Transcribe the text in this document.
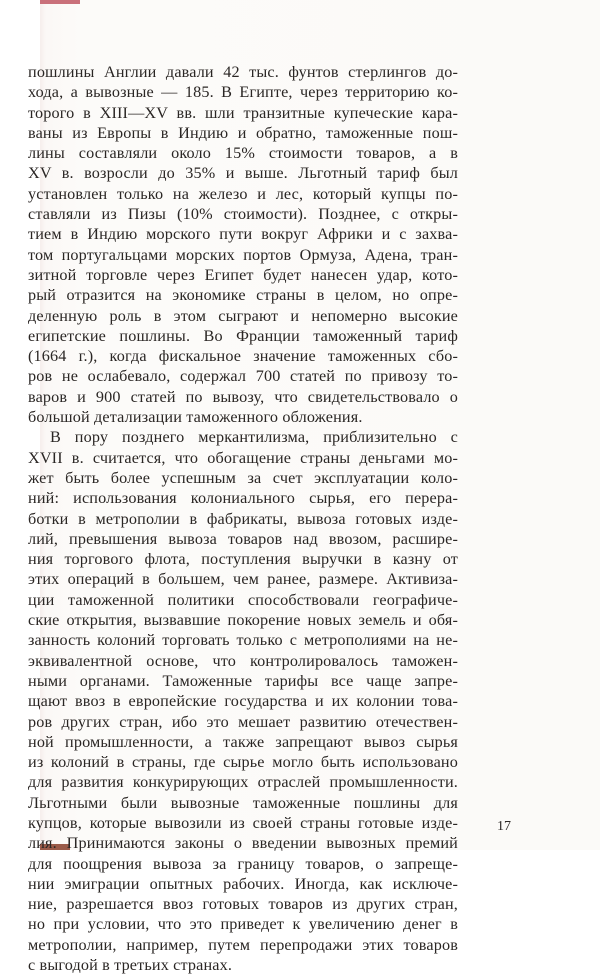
пошлины Англии давали 42 тыс. фунтов стерлингов до-
хода, а вывозные — 185. В Египте, через территорию ко-
торого в XIII—XV вв. шли транзитные купеческие кара-
ваны из Европы в Индию и обратно, таможенные пош-
лины составляли около 15% стоимости товаров, а в
XV в. возросли до 35% и выше. Льготный тариф был
установлен только на железо и лес, который купцы по-
ставляли из Пизы (10% стоимости). Позднее, с откры-
тием в Индию морского пути вокруг Африки и с захва-
том португальцами морских портов Ормуза, Адена, тран-
зитной торговле через Египет будет нанесен удар, кото-
рый отразится на экономике страны в целом, но опре-
деленную роль в этом сыграют и непомерно высокие
египетские пошлины. Во Франции таможенный тариф
(1664 г.), когда фискальное значение таможенных сбо-
ров не ослабевало, содержал 700 статей по привозу то-
варов и 900 статей по вывозу, что свидетельствовало о
большой детализации таможенного обложения.
В пору позднего меркантилизма, приблизительно с
XVII в. считается, что обогащение страны деньгами мо-
жет быть более успешным за счет эксплуатации коло-
ний: использования колониального сырья, его перера-
ботки в метрополии в фабрикаты, вывоза готовых изде-
лий, превышения вывоза товаров над ввозом, расшире-
ния торгового флота, поступления выручки в казну от
этих операций в большем, чем ранее, размере. Активиза-
ции таможенной политики способствовали географиче-
ские открытия, вызвавшие покорение новых земель и обя-
занность колоний торговать только с метрополиями на не-
эквивалентной основе, что контролировалось таможен-
ными органами. Таможенные тарифы все чаще запре-
щают ввоз в европейские государства и их колонии това-
ров других стран, ибо это мешает развитию отечествен-
ной промышленности, а также запрещают вывоз сырья
из колоний в страны, где сырье могло быть использовано
для развития конкурирующих отраслей промышленности.
Льготными были вывозные таможенные пошлины для
купцов, которые вывозили из своей страны готовые изде-
лия. Принимаются законы о введении вывозных премий
для поощрения вывоза за границу товаров, о запреще-
нии эмиграции опытных рабочих. Иногда, как исключе-
ние, разрешается ввоз готовых товаров из других стран,
но при условии, что это приведет к увеличению денег в
метрополии, например, путем перепродажи этих товаров
с выгодой в третьих странах.
17
